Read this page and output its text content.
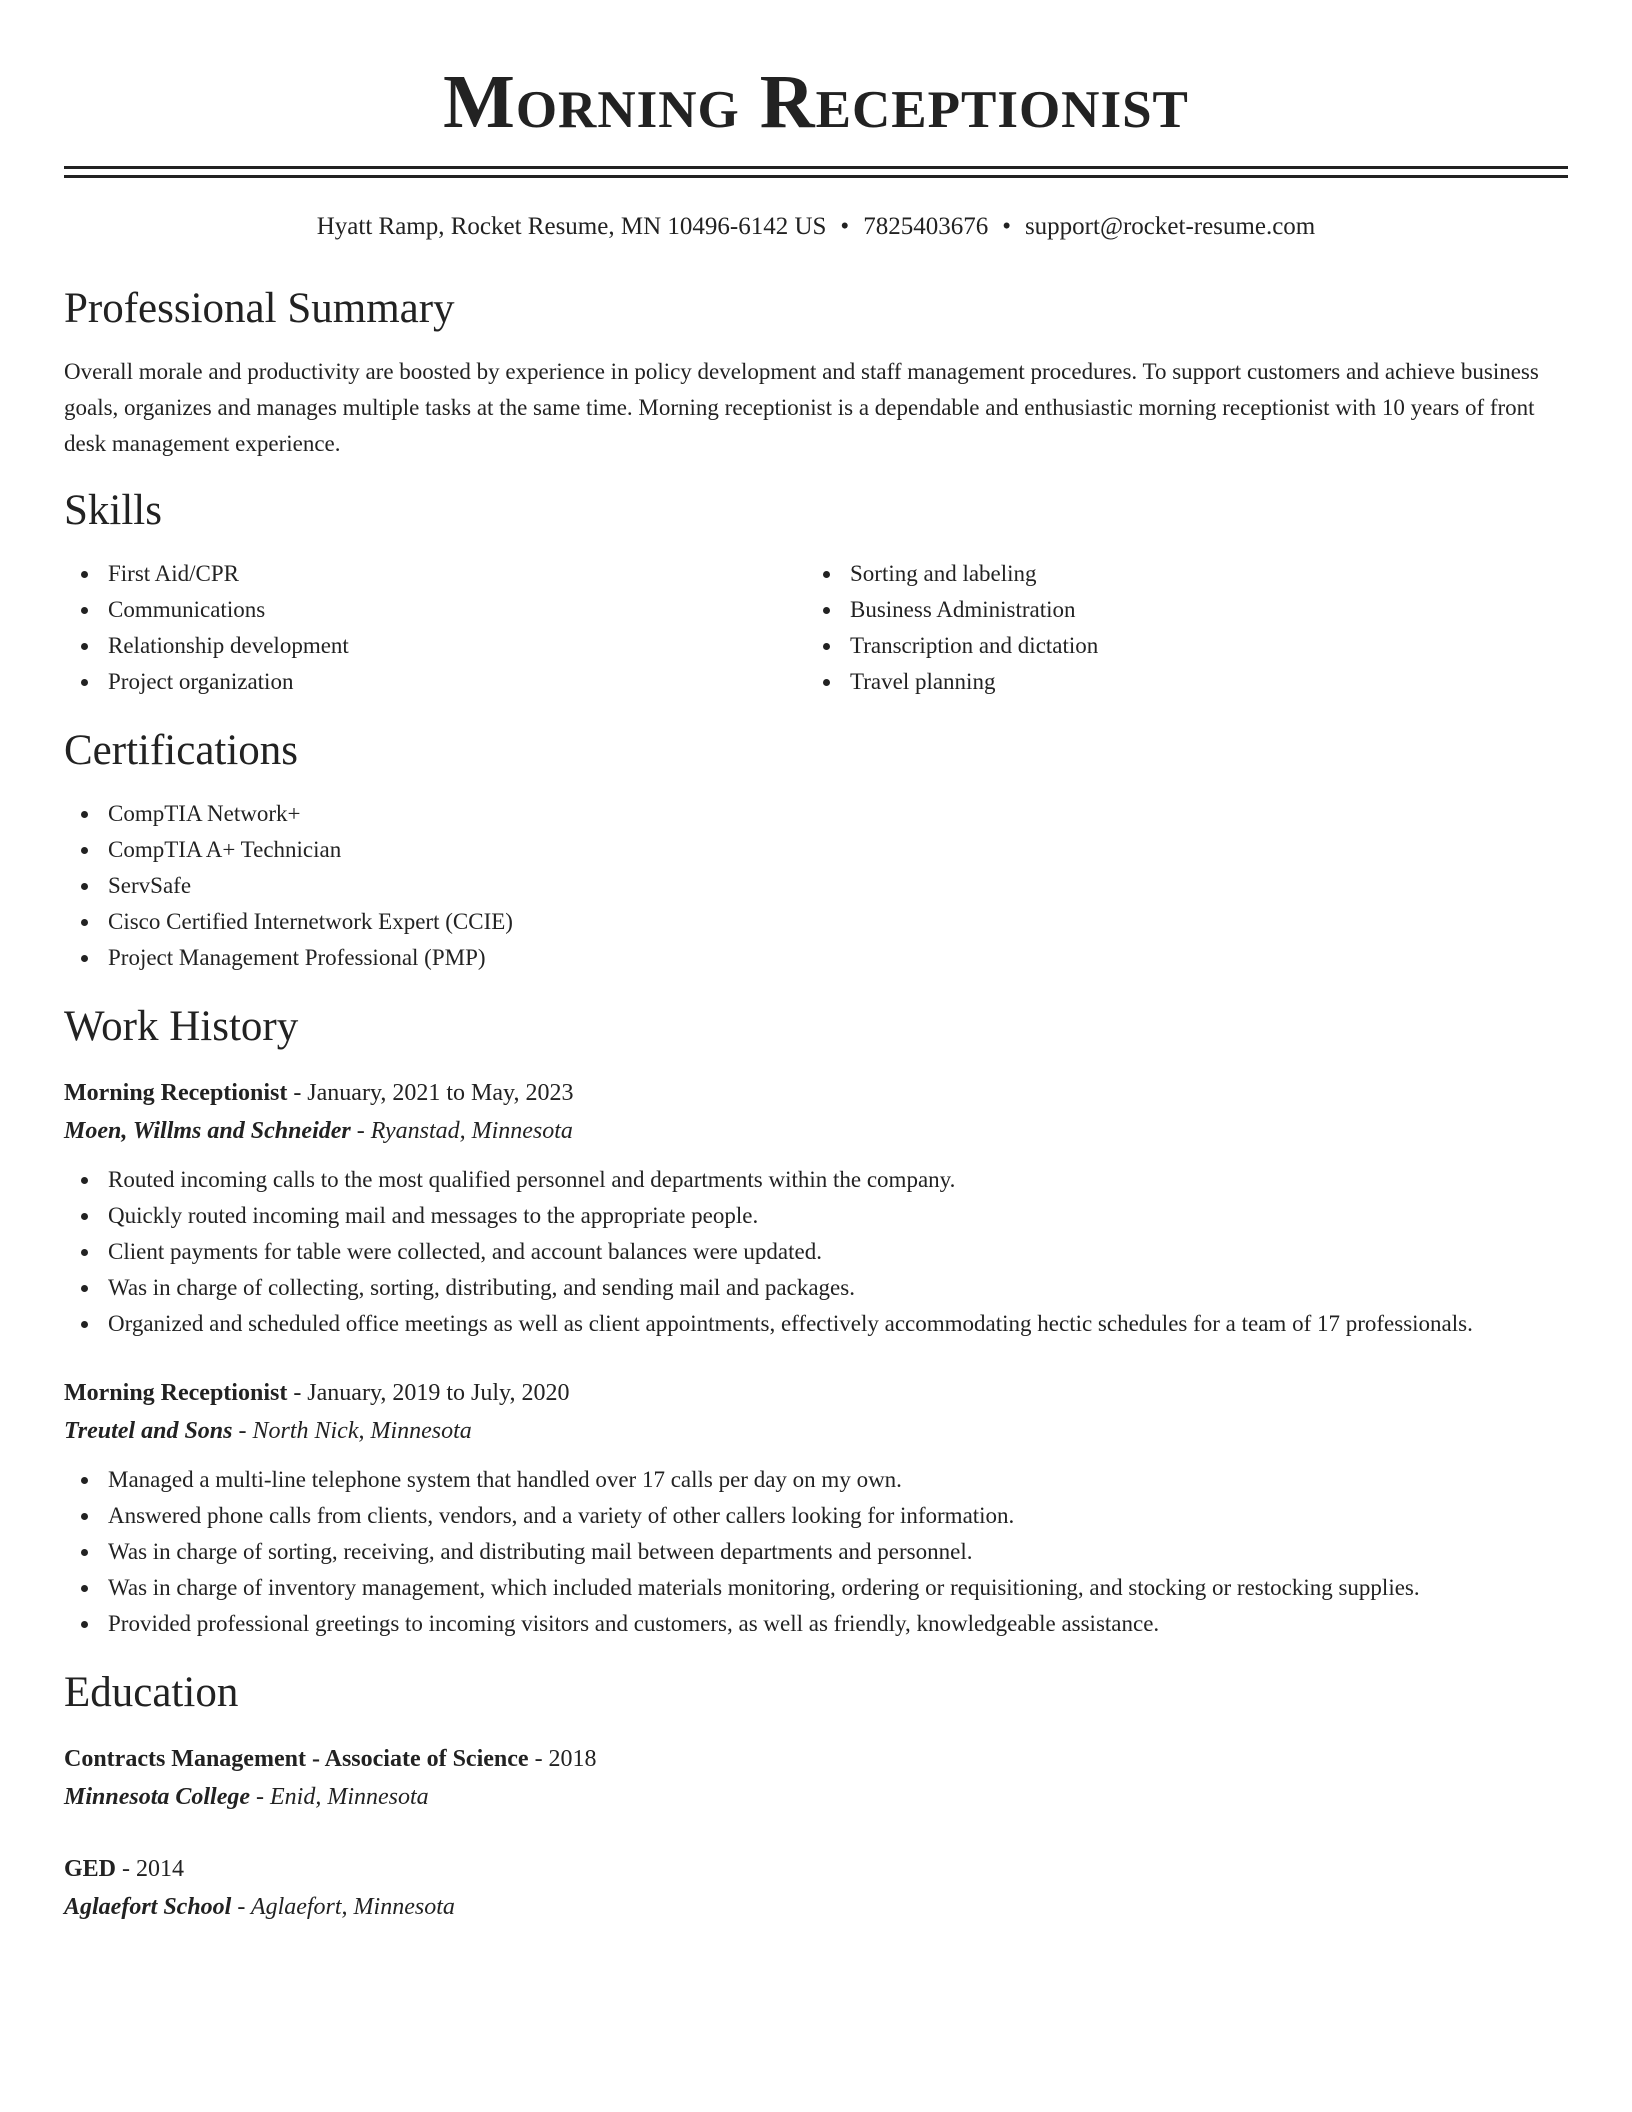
Morning Receptionist
Hyatt Ramp, Rocket Resume, MN 10496-6142 US • 7825403676 • support@rocket-resume.com
Professional Summary

Overall morale and productivity are boosted by experience in policy development and staff management procedures. To support customers and achieve business goals, organizes and manages multiple tasks at the same time. Morning receptionist is a dependable and enthusiastic morning receptionist with 10 years of front desk management experience.

Skills
First Aid/CPR
Communications
Relationship development
Project organization
Sorting and labeling
Business Administration
Transcription and dictation
Travel planning
Certifications
CompTIA Network+
CompTIA A+ Technician
ServSafe
Cisco Certified Internetwork Expert (CCIE)
Project Management Professional (PMP)
Work History
Morning Receptionist - January, 2021 to May, 2023
Moen, Willms and Schneider - Ryanstad, Minnesota
Routed incoming calls to the most qualified personnel and departments within the company.
Quickly routed incoming mail and messages to the appropriate people.
Client payments for table were collected, and account balances were updated.
Was in charge of collecting, sorting, distributing, and sending mail and packages.
Organized and scheduled office meetings as well as client appointments, effectively accommodating hectic schedules for a team of 17 professionals.
Morning Receptionist - January, 2019 to July, 2020
Treutel and Sons - North Nick, Minnesota
Managed a multi-line telephone system that handled over 17 calls per day on my own.
Answered phone calls from clients, vendors, and a variety of other callers looking for information.
Was in charge of sorting, receiving, and distributing mail between departments and personnel.
Was in charge of inventory management, which included materials monitoring, ordering or requisitioning, and stocking or restocking supplies.
Provided professional greetings to incoming visitors and customers, as well as friendly, knowledgeable assistance.
Education
Contracts Management - Associate of Science - 2018
Minnesota College - Enid, Minnesota
GED - 2014
Aglaefort School - Aglaefort, Minnesota
